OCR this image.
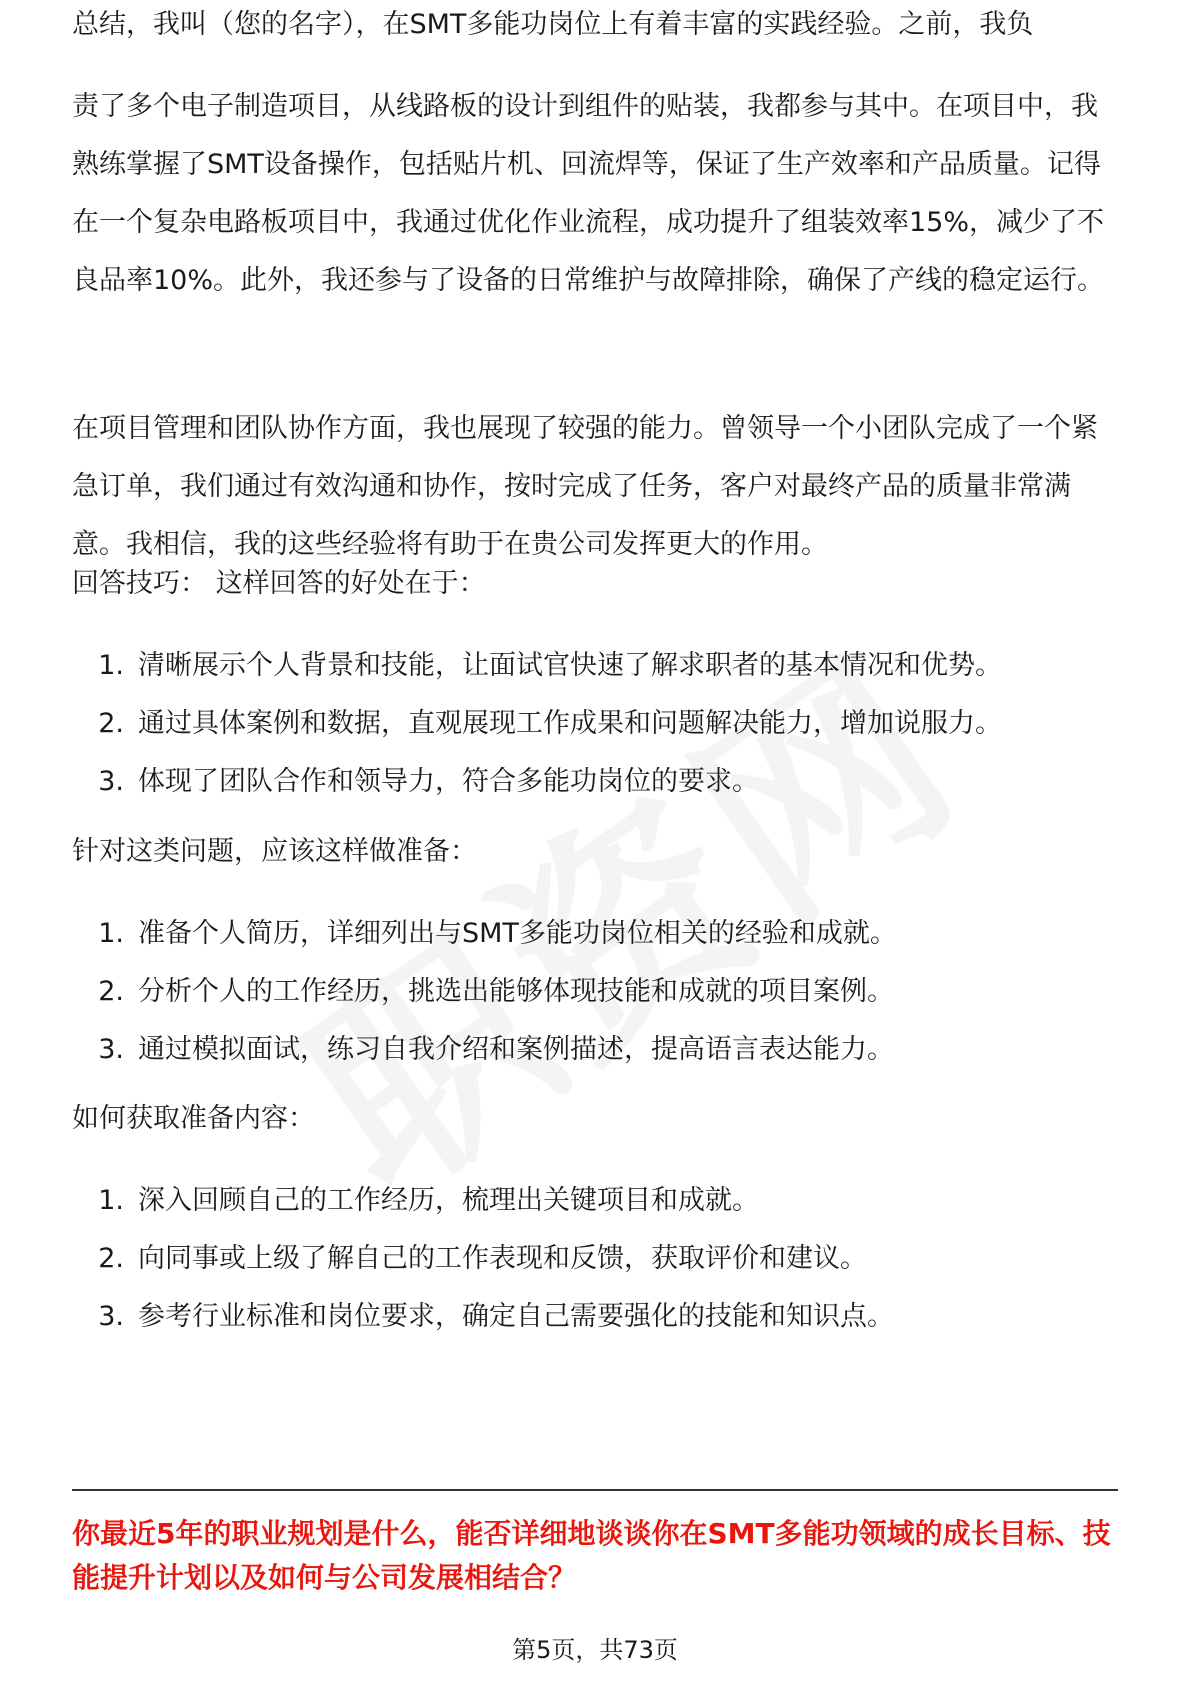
总结，我叫（您的名字），在SMT多能功岗位上有着丰富的实践经验。之前，我负

责了多个电子制造项目，从线路板的设计到组件的贴装，我都参与其中。在项目中，我熟练掌握了SMT设备操作，包括贴片机、回流焊等，保证了生产效率和产品质量。记得在一个复杂电路板项目中，我通过优化作业流程，成功提升了组装效率15%，减少了不良品率10%。此外，我还参与了设备的日常维护与故障排除，确保了产线的稳定运行。

在项目管理和团队协作方面，我也展现了较强的能力。曾领导一个小团队完成了一个紧急订单，我们通过有效沟通和协作，按时完成了任务，客户对最终产品的质量非常满意。我相信，我的这些经验将有助于在贵公司发挥更大的作用。

回答技巧： 这样回答的好处在于：
1. 清晰展示个人背景和技能，让面试官快速了解求职者的基本情况和优势。
2. 通过具体案例和数据，直观展现工作成果和问题解决能力，增加说服力。
3. 体现了团队合作和领导力，符合多能功岗位的要求。
针对这类问题，应该这样做准备：
1. 准备个人简历，详细列出与SMT多能功岗位相关的经验和成就。
2. 分析个人的工作经历，挑选出能够体现技能和成就的项目案例。
3. 通过模拟面试，练习自我介绍和案例描述，提高语言表达能力。
如何获取准备内容：
1. 深入回顾自己的工作经历，梳理出关键项目和成就。
2. 向同事或上级了解自己的工作表现和反馈，获取评价和建议。
3. 参考行业标准和岗位要求，确定自己需要强化的技能和知识点。
你最近5年的职业规划是什么，能否详细地谈谈你在SMT多能功领域的成长目标、技能提升计划以及如何与公司发展相结合？
第5页，共73页
